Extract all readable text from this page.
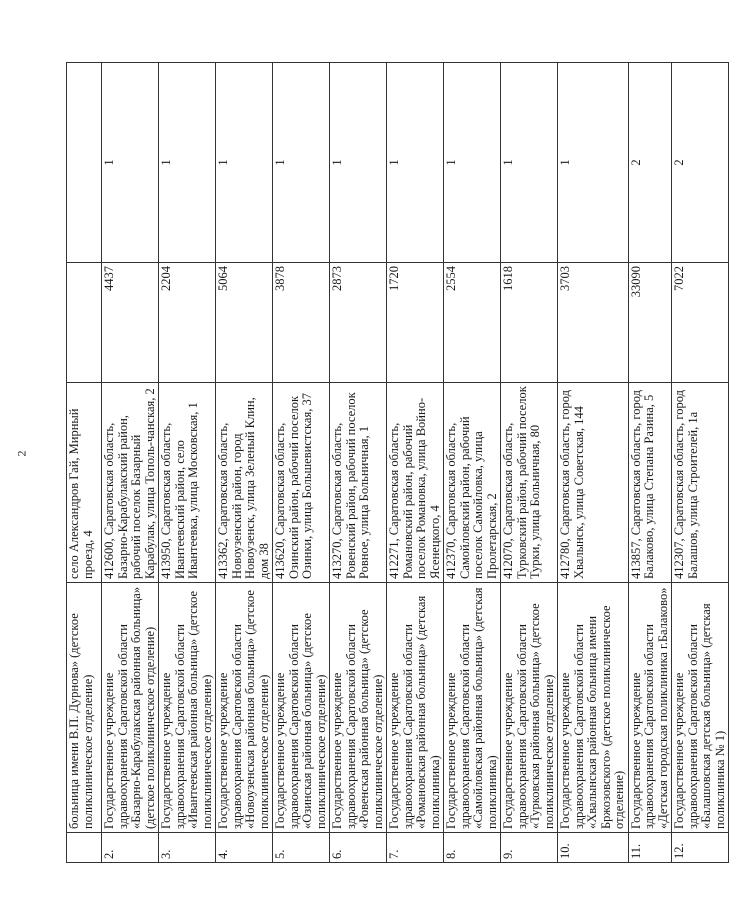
2
	больница имени В.П. Дурнова» (детское поликлиническое отделение)	село Александров Гай, Мирный проезд, 4		
2.	Государственное учреждение здравоохранения Саратовской области «Базарно-Карабулакская районная больница» (детское поликлиническое отделение)	412600, Саратовская область, Базарно-Карабулакский район, рабочий поселок Базарный Карабулак, улица Тополь-чанская, 2	4437	1
3.	Государственное учреждение здравоохранения Саратовской области «Ивантеевская районная больница» (детское поликлиническое отделение)	413950, Саратовская область, Ивантеевский район, село Ивантеевка, улица Московская, 1	2204	1
4.	Государственное учреждение здравоохранения Саратовской области «Новоузенская районная больница» (детское поликлиническое отделение)	413362, Саратовская область, Новоузенский район, город Новоузенск, улица Зеленый Клин, дом 38	5064	1
5.	Государственное учреждение здравоохранения Саратовской области «Озинская районная больница» (детское поликлиническое отделение)	413620, Саратовская область, Озинский район, рабочий поселок Озинки, улица Большевистская, 37	3878	1
6.	Государственное учреждение здравоохранения Саратовской области «Ровенская районная больница» (детское поликлиническое отделение)	413270, Саратовская область, Ровенский район, рабочий поселок Ровное, улица Больничная, 1	2873	1
7.	Государственное учреждение здравоохранения Саратовской области «Романовская районная больница» (детская поликлиника)	412271, Саратовская область, Романовский район, рабочий поселок Романовка, улица Войно-Ясенецкого, 4	1720	1
8.	Государственное учреждение здравоохранения Саратовской области «Самойловская районная больница» (детская поликлиника)	412370, Саратовская область, Самойловский район, рабочий поселок Самойловка, улица Пролетарская, 2	2554	1
9.	Государственное учреждение здравоохранения Саратовской области «Турковская районная больница» (детское поликлиническое отделение)	412070, Саратовская область, Турковский район, рабочий поселок Турки, улица Больничная, 80	1618	1
10.	Государственное учреждение здравоохранения Саратовской области «Хвалынская районная больница имени Бржозовского» (детское поликлиническое отделение)	412780, Саратовская область, город Хвалынск, улица Советская, 144	3703	1
11.	Государственное учреждение здравоохранения Саратовской области «Детская городская поликлиника г.Балаково»	413857, Саратовская область, город Балаково, улица Степана Разина, 5	33090	2
12.	Государственное учреждение здравоохранения Саратовской области «Балашовская детская больница» (детская поликлиника № 1)	412307, Саратовская область, город Балашов, улица Строителей, 1а	7022	2
